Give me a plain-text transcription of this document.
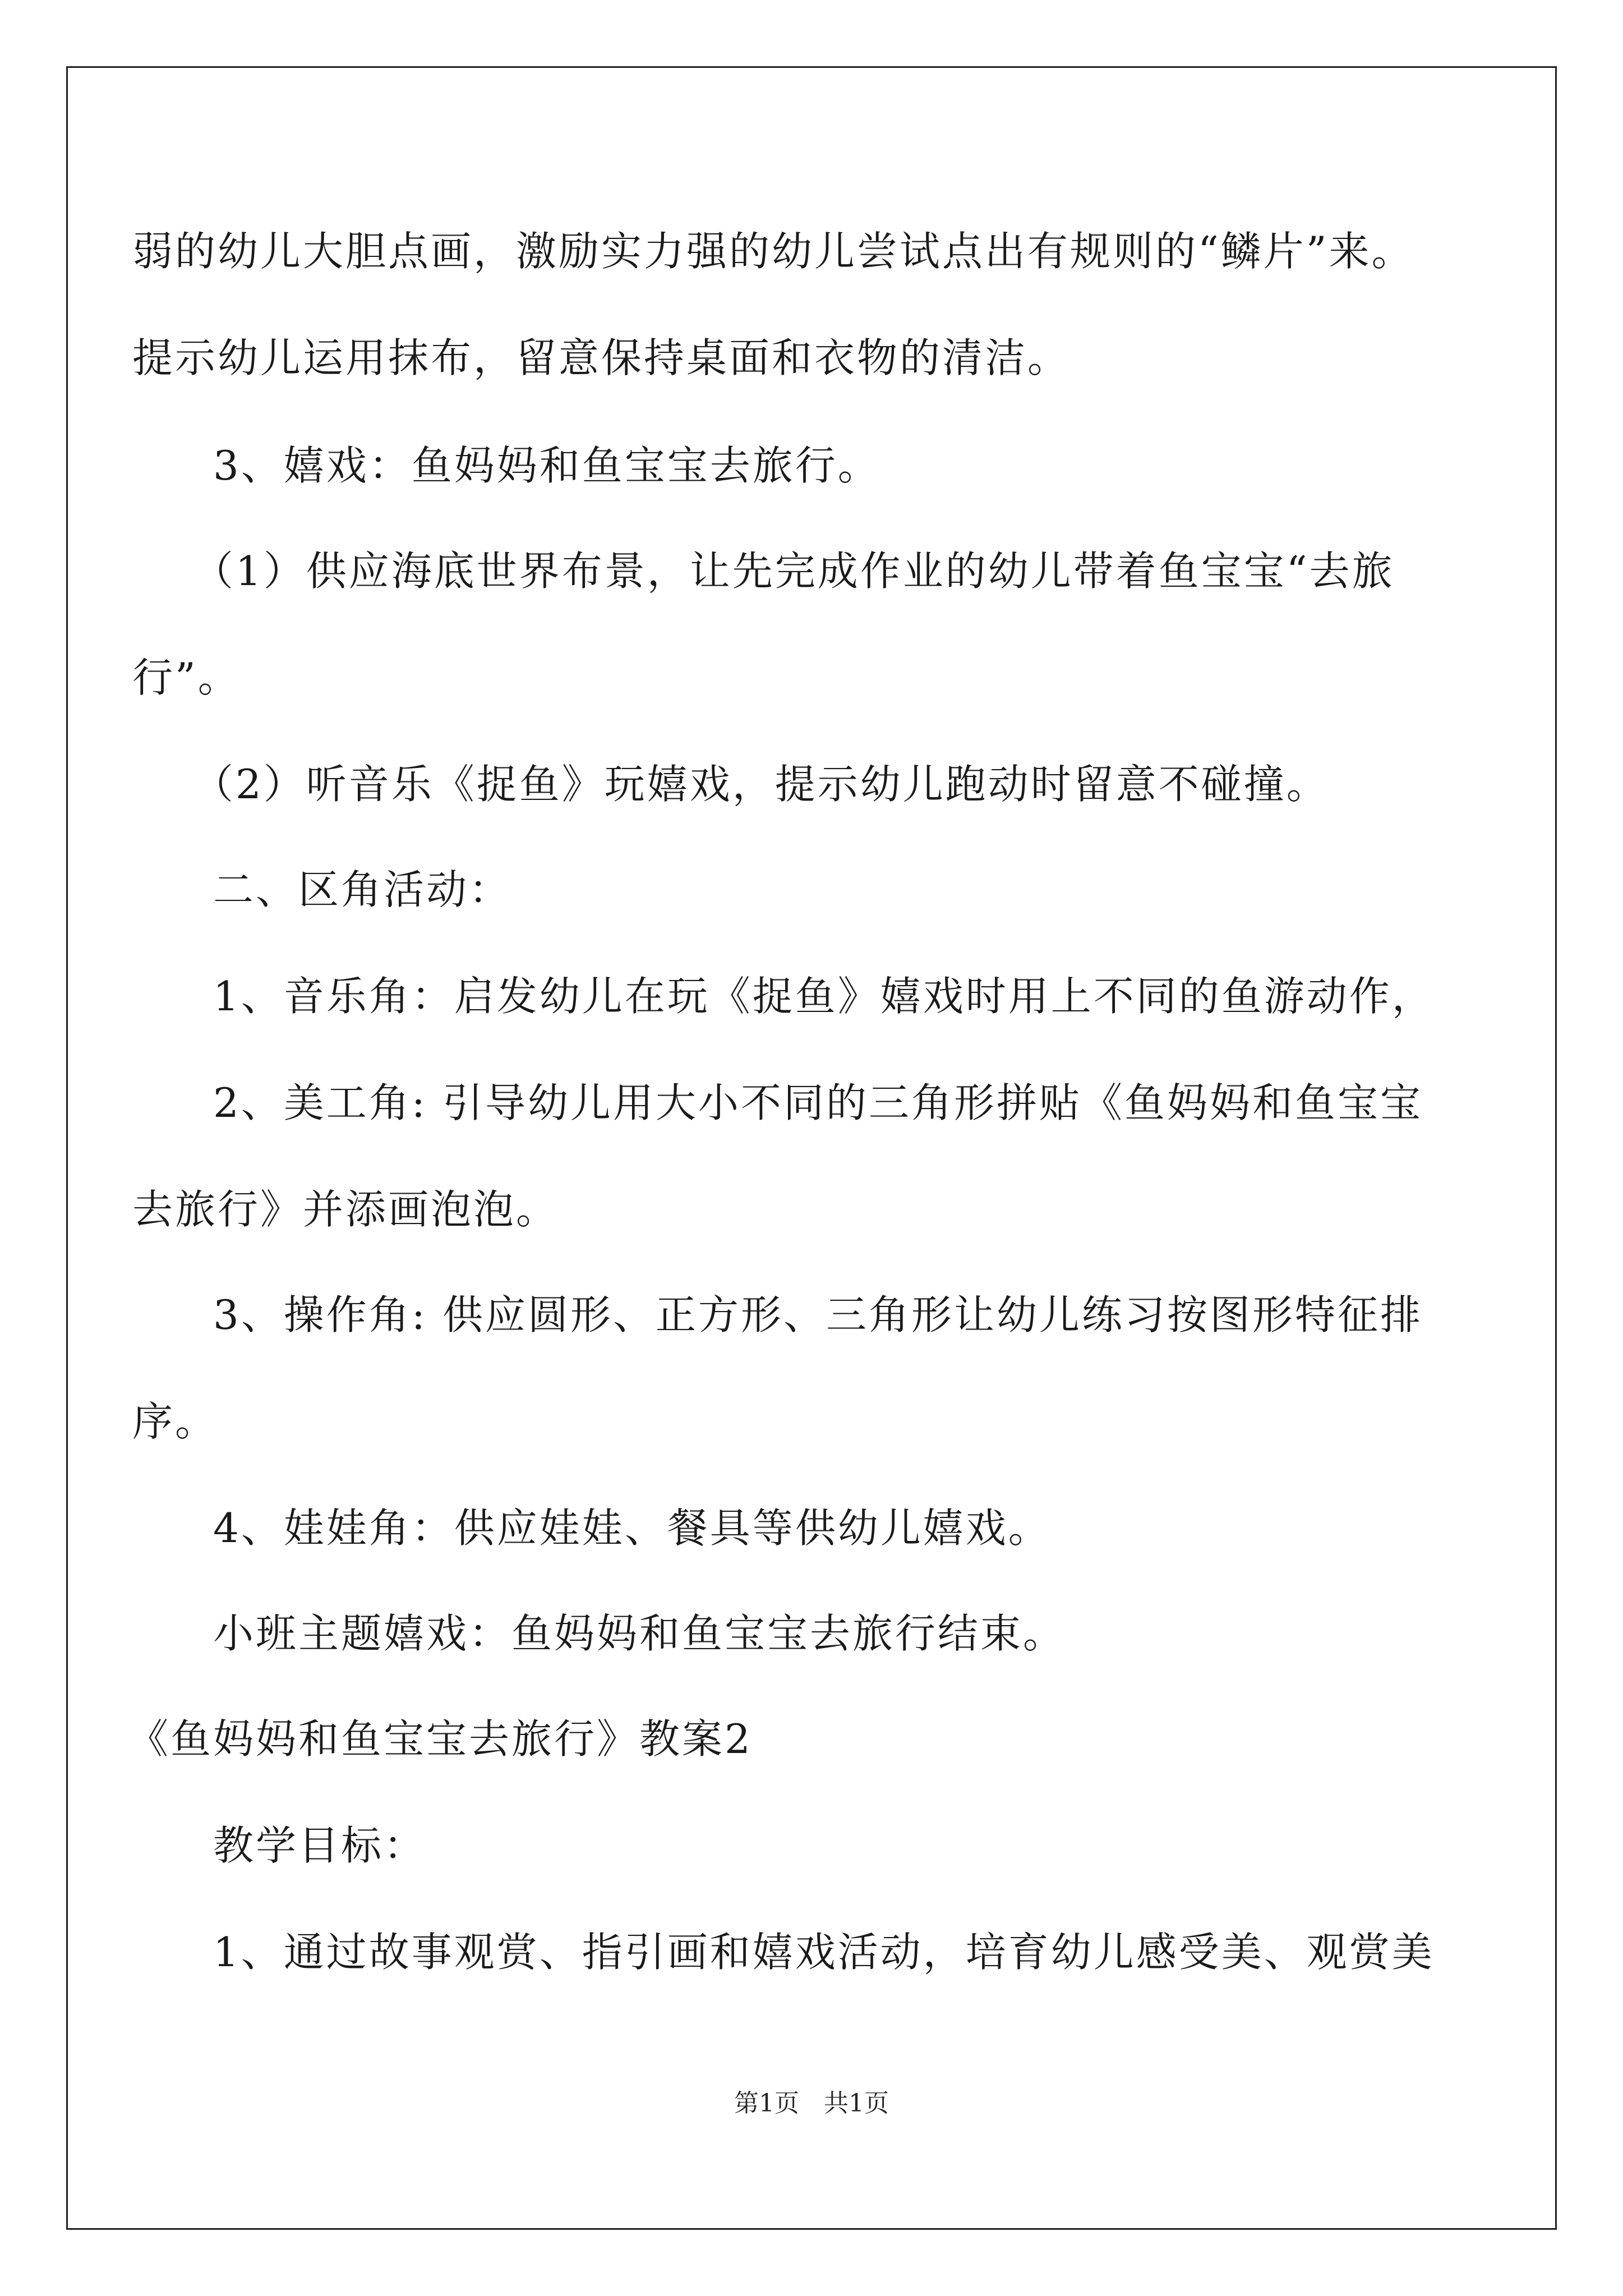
弱的幼儿大胆点画，激励实力强的幼儿尝试点出有规则的“鳞片”来。
提示幼儿运用抹布，留意保持桌面和衣物的清洁。
3、嬉戏：鱼妈妈和鱼宝宝去旅行。
（1）供应海底世界布景，让先完成作业的幼儿带着鱼宝宝“去旅
行”。
（2）听音乐《捉鱼》玩嬉戏，提示幼儿跑动时留意不碰撞。
二、区角活动：
1、音乐角：启发幼儿在玩《捉鱼》嬉戏时用上不同的鱼游动作，
2、美工角: 引导幼儿用大小不同的三角形拼贴《鱼妈妈和鱼宝宝
去旅行》并添画泡泡。
3、操作角: 供应圆形、正方形、三角形让幼儿练习按图形特征排
序。
4、娃娃角：供应娃娃、餐具等供幼儿嬉戏。
小班主题嬉戏：鱼妈妈和鱼宝宝去旅行结束。
《鱼妈妈和鱼宝宝去旅行》教案2
教学目标：
1、通过故事观赏、指引画和嬉戏活动，培育幼儿感受美、观赏美
第1页　共1页
